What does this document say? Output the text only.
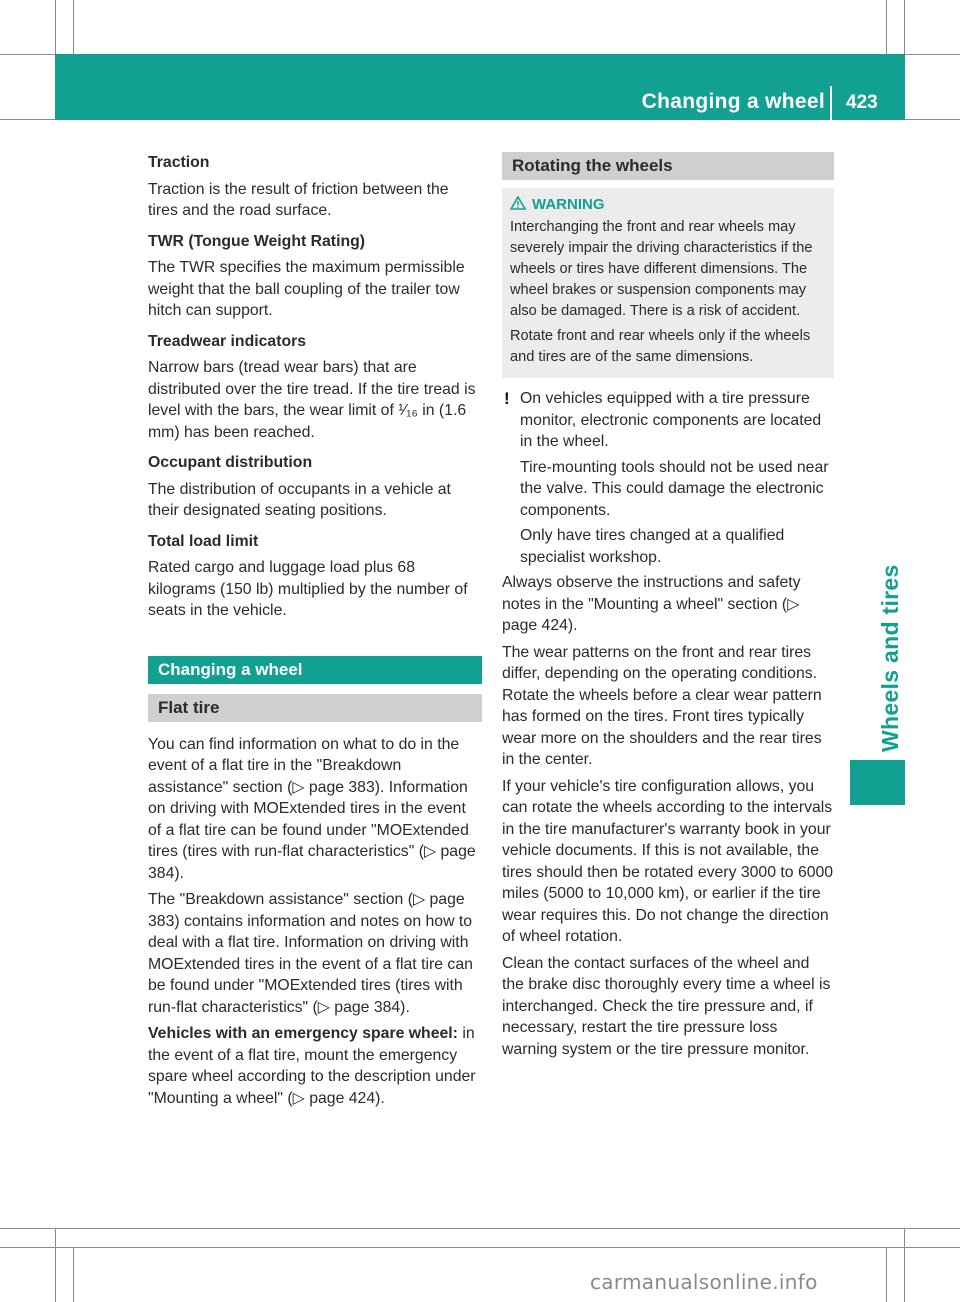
Changing a wheel 423
Wheels and tires

Traction

Traction is the result of friction between the tires and the road surface.

TWR (Tongue Weight Rating)

The TWR specifies the maximum permissible weight that the ball coupling of the trailer tow hitch can support.

Treadwear indicators

Narrow bars (tread wear bars) that are distributed over the tire tread. If the tire tread is level with the bars, the wear limit of ¹⁄₁₆ in (1.6 mm) has been reached.

Occupant distribution

The distribution of occupants in a vehicle at their designated seating positions.

Total load limit

Rated cargo and luggage load plus 68 kilograms (150 lb) multiplied by the number of seats in the vehicle.

Changing a wheel
Flat tire

You can find information on what to do in the event of a flat tire in the "Breakdown assistance" section (▷ page 383). Information on driving with MOExtended tires in the event of a flat tire can be found under "MOExtended tires (tires with run-flat characteristics" (▷ page 384).

The "Breakdown assistance" section (▷ page 383) contains information and notes on how to deal with a flat tire. Information on driving with MOExtended tires in the event of a flat tire can be found under "MOExtended tires (tires with run-flat characteristics" (▷ page 384).

Vehicles with an emergency spare wheel: in the event of a flat tire, mount the emergency spare wheel according to the description under "Mounting a wheel" (▷ page 424).

Rotating the wheels
WARNING

Interchanging the front and rear wheels may severely impair the driving characteristics if the wheels or tires have different dimensions. The wheel brakes or suspension components may also be damaged. There is a risk of accident.

Rotate front and rear wheels only if the wheels and tires are of the same dimensions.

! On vehicles equipped with a tire pressure monitor, electronic components are located in the wheel.

Tire-mounting tools should not be used near the valve. This could damage the electronic components.

Only have tires changed at a qualified specialist workshop.

Always observe the instructions and safety notes in the "Mounting a wheel" section (▷ page 424).

The wear patterns on the front and rear tires differ, depending on the operating conditions. Rotate the wheels before a clear wear pattern has formed on the tires. Front tires typically wear more on the shoulders and the rear tires in the center.

If your vehicle's tire configuration allows, you can rotate the wheels according to the intervals in the tire manufacturer's warranty book in your vehicle documents. If this is not available, the tires should then be rotated every 3000 to 6000 miles (5000 to 10,000 km), or earlier if the tire wear requires this. Do not change the direction of wheel rotation.

Clean the contact surfaces of the wheel and the brake disc thoroughly every time a wheel is interchanged. Check the tire pressure and, if necessary, restart the tire pressure loss warning system or the tire pressure monitor.

carmanualsonline.info
